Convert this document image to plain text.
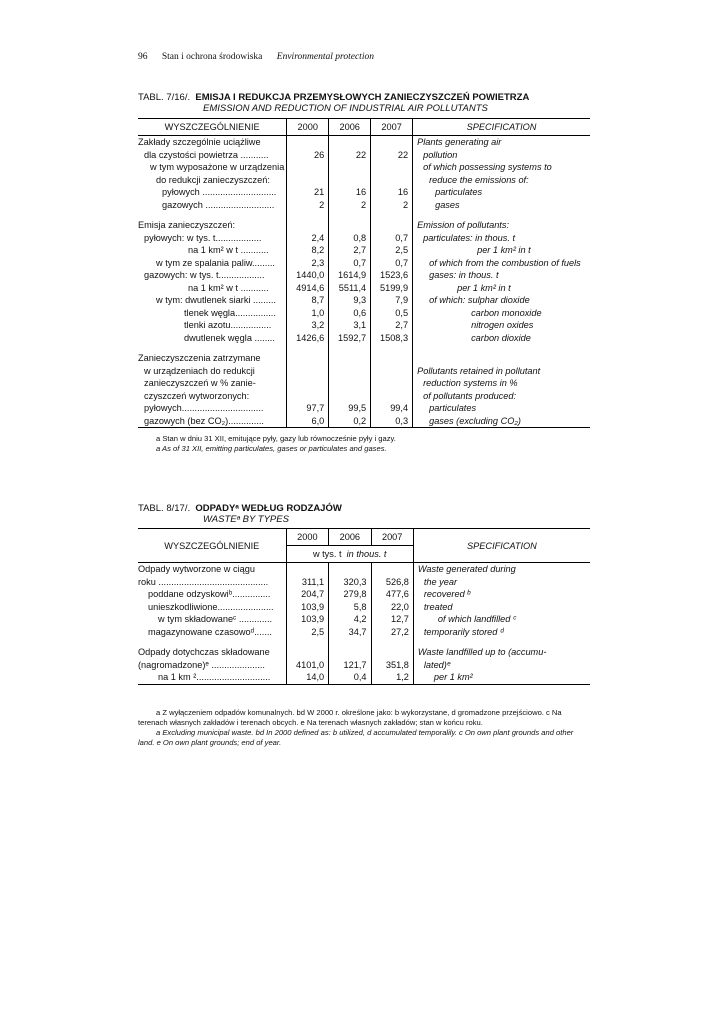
96 Stan i ochrona środowiska Environmental protection
TABL. 7/16/. EMISJA I REDUKCJA PRZEMYSŁOWYCH ZANIECZYSZCZEŃ POWIETRZA
EMISSION AND REDUCTION OF INDUSTRIAL AIR POLLUTANTS
WYSZCZEGÓLNIENIE	2000	2006	2007	SPECIFICATION
Zakłady szczególnie uciążliwe				Plants generating air
dla czystości powietrza ...........	26	22	22	pollution
w tym wyposażone w urządzenia				of which possessing systems to
do redukcji zanieczyszczeń:				reduce the emissions of:
pyłowych .............................	21	16	16	particulates
gazowych ...........................	2	2	2	gases

Emisja zanieczyszczeń:				Emission of pollutants:
pyłowych: w tys. t..................	2,4	0,8	0,7	particulates: in thous. t
na 1 km² w t ...........	8,2	2,7	2,5	per 1 km² in t
w tym ze spalania paliw.........	2,3	0,7	0,7	of which from the combustion of fuels
gazowych: w tys. t..................	1440,0	1614,9	1523,6	gases: in thous. t
na 1 km² w t ...........	4914,6	5511,4	5199,9	per 1 km² in t
w tym: dwutlenek siarki .........	8,7	9,3	7,9	of which: sulphar dioxide
tlenek węgla................	1,0	0,6	0,5	carbon monoxide
tlenki azotu................	3,2	3,1	2,7	nitrogen oxides
dwutlenek węgla ........	1426,6	1592,7	1508,3	carbon dioxide

Zanieczyszczenia zatrzymane				
w urządzeniach do redukcji				Pollutants retained in pollutant
zanieczyszczeń w % zanie-				reduction systems in %
czyszczeń wytworzonych:				of pollutants produced:
pyłowych................................	97,7	99,5	99,4	particulates
gazowych (bez CO₂)..............	6,0	0,2	0,3	gases (excluding CO₂)
a Stan w dniu 31 XII, emitujące pyły, gazy lub równocześnie pyły i gazy.
a As of 31 XII, emitting particulates, gases or particulates and gases.
TABL. 8/17/. ODPADYᵃ WEDŁUG RODZAJÓW
WASTEᵃ BY TYPES
WYSZCZEGÓLNIENIE	2000	2006	2007	SPECIFICATION
	w tys. t in thous. t			
Odpady wytworzone w ciągu				Waste generated during
roku ...........................................	311,1	320,3	526,8	the year
poddane odzyskowiᵇ...............	204,7	279,8	477,6	recovered ᵇ
unieszkodliwione......................	103,9	5,8	22,0	treated
w tym składowaneᶜ .............	103,9	4,2	12,7	of which landfilled ᶜ
magazynowane czasowoᵈ.......	2,5	34,7	27,2	temporarily stored ᵈ

Odpady dotychczas składowane				Waste landfilled up to (accumu-
(nagromadzone)ᵉ .....................	4101,0	121,7	351,8	lated)ᵉ
na 1 km ².............................	14,0	0,4	1,2	per 1 km²
a Z wyłączeniem odpadów komunalnych. bd W 2000 r. określone jako: b wykorzystane, d gromadzone przejściowo. c Na terenach własnych zakładów i terenach obcych. e Na terenach własnych zakładów; stan w końcu roku.
a Excluding municipal waste. bd In 2000 defined as: b utilized, d accumulated temporalily. c On own plant grounds and other land. e On own plant grounds; end of year.
